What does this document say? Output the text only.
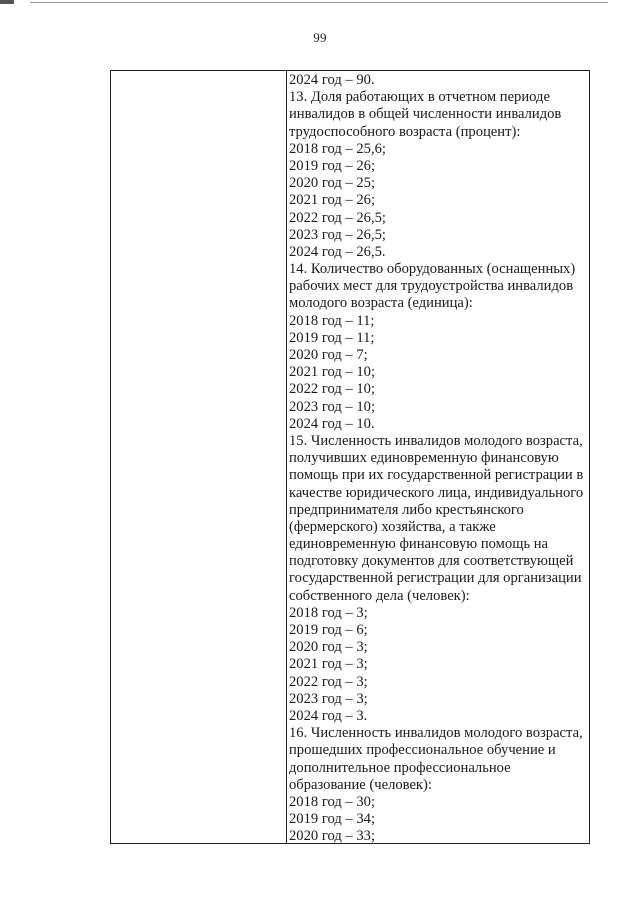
99
2024 год – 90.
13. Доля работающих в отчетном периоде
инвалидов в общей численности инвалидов
трудоспособного возраста (процент):
2018 год – 25,6;
2019 год – 26;
2020 год – 25;
2021 год – 26;
2022 год – 26,5;
2023 год – 26,5;
2024 год – 26,5.
14. Количество оборудованных (оснащенных)
рабочих мест для трудоустройства инвалидов
молодого возраста (единица):
2018 год – 11;
2019 год – 11;
2020 год – 7;
2021 год – 10;
2022 год – 10;
2023 год – 10;
2024 год – 10.
15. Численность инвалидов молодого возраста,
получивших единовременную финансовую
помощь при их государственной регистрации в
качестве юридического лица, индивидуального
предпринимателя либо крестьянского
(фермерского) хозяйства, а также
единовременную финансовую помощь на
подготовку документов для соответствующей
государственной регистрации для организации
собственного дела (человек):
2018 год – 3;
2019 год – 6;
2020 год – 3;
2021 год – 3;
2022 год – 3;
2023 год – 3;
2024 год – 3.
16. Численность инвалидов молодого возраста,
прошедших профессиональное обучение и
дополнительное профессиональное
образование (человек):
2018 год – 30;
2019 год – 34;
2020 год – 33;
